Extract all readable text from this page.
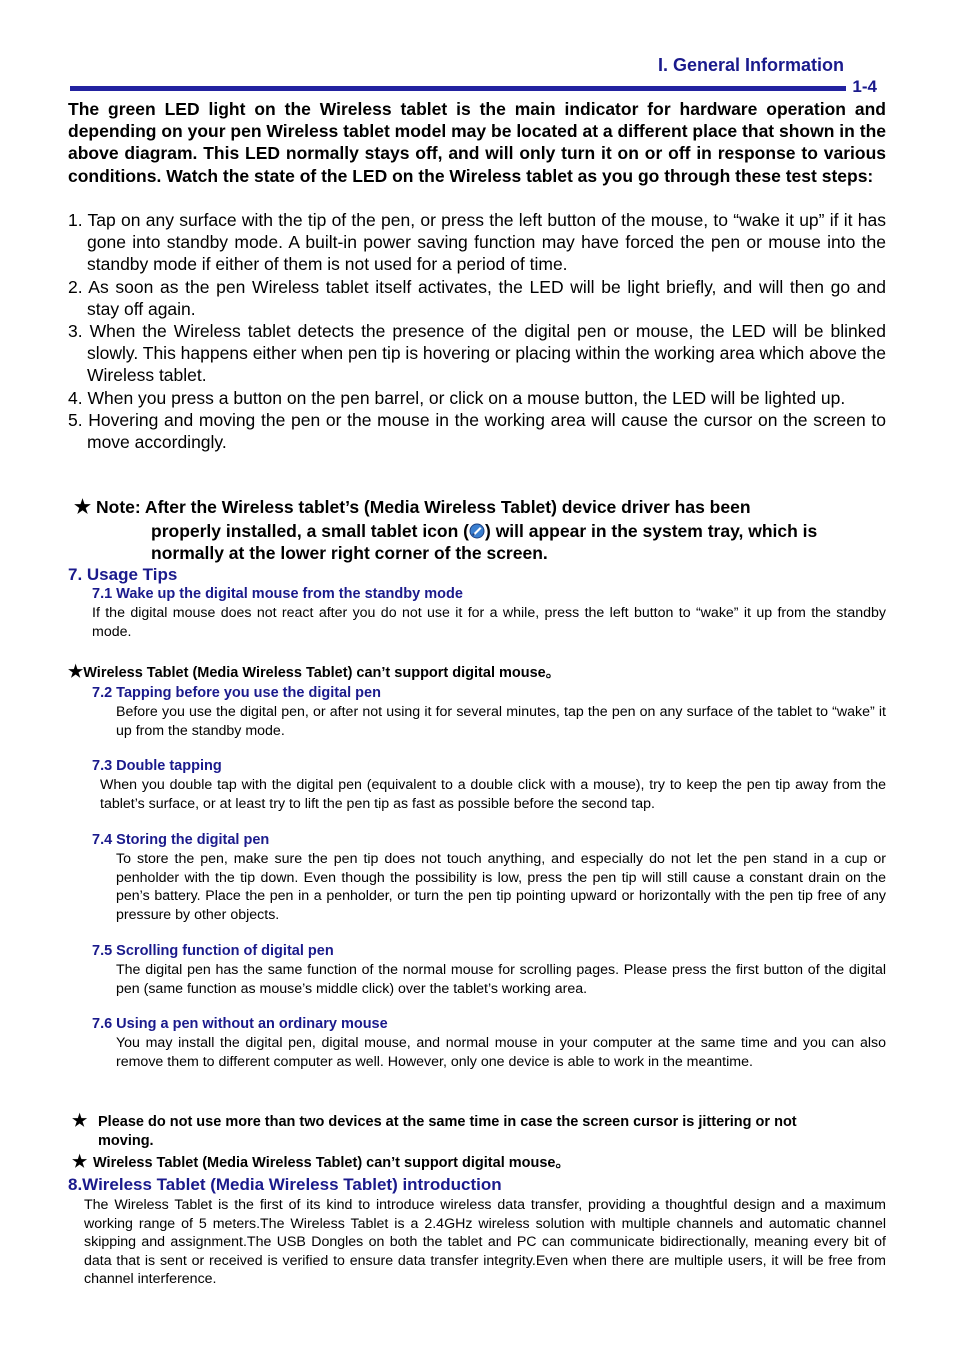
I. General Information
1-4
The green LED light on the Wireless tablet is the main indicator for hardware operation and depending on your pen Wireless tablet model may be located at a different place that shown in the above diagram. This LED normally stays off, and will only turn it on or off in response to various conditions. Watch the state of the LED on the Wireless tablet as you go through these test steps:
1. Tap on any surface with the tip of the pen, or press the left button of the mouse, to “wake it up” if it has gone into standby mode. A built-in power saving function may have forced the pen or mouse into the standby mode if either of them is not used for a period of time.
2. As soon as the pen Wireless tablet itself activates, the LED will be light briefly, and will then go and stay off again.
3. When the Wireless tablet detects the presence of the digital pen or mouse, the LED will be blinked slowly. This happens either when pen tip is hovering or placing within the working area which above the Wireless tablet.
4. When you press a button on the pen barrel, or click on a mouse button, the LED will be lighted up.
5. Hovering and moving the pen or the mouse in the working area will cause the cursor on the screen to move accordingly.
★ Note: After the Wireless tablet’s (Media Wireless Tablet) device driver has been
properly installed, a small tablet icon ( ) will appear in the system tray, which is
normally at the lower right corner of the screen.
7. Usage Tips
7.1 Wake up the digital mouse from the standby mode
If the digital mouse does not react after you do not use it for a while, press the left button to “wake” it up from the standby mode.
★Wireless Tablet (Media Wireless Tablet) can’t support digital mouse。
7.2 Tapping before you use the digital pen
Before you use the digital pen, or after not using it for several minutes, tap the pen on any surface of the tablet to “wake” it up from the standby mode.
7.3 Double tapping
When you double tap with the digital pen (equivalent to a double click with a mouse), try to keep the pen tip away from the tablet’s surface, or at least try to lift the pen tip as fast as possible before the second tap.
7.4 Storing the digital pen
To store the pen, make sure the pen tip does not touch anything, and especially do not let the pen stand in a cup or penholder with the tip down. Even though the possibility is low, press the pen tip will still cause a constant drain on the pen’s battery. Place the pen in a penholder, or turn the pen tip pointing upward or horizontally with the pen tip free of any pressure by other objects.
7.5 Scrolling function of digital pen
The digital pen has the same function of the normal mouse for scrolling pages. Please press the first button of the digital pen (same function as mouse’s middle click) over the tablet’s working area.
7.6 Using a pen without an ordinary mouse
You may install the digital pen, digital mouse, and normal mouse in your computer at the same time and you can also remove them to different computer as well. However, only one device is able to work in the meantime.
★ Please do not use more than two devices at the same time in case the screen cursor is jittering or not
moving.
★ Wireless Tablet (Media Wireless Tablet) can’t support digital mouse。
8.Wireless Tablet (Media Wireless Tablet) introduction
The Wireless Tablet is the first of its kind to introduce wireless data transfer, providing a thoughtful design and a maximum working range of 5 meters.The Wireless Tablet is a 2.4GHz wireless solution with multiple channels and automatic channel skipping and assignment.The USB Dongles on both the tablet and PC can communicate bidirectionally, meaning every bit of data that is sent or received is verified to ensure data transfer integrity.Even when there are multiple users, it will be free from channel interference.
